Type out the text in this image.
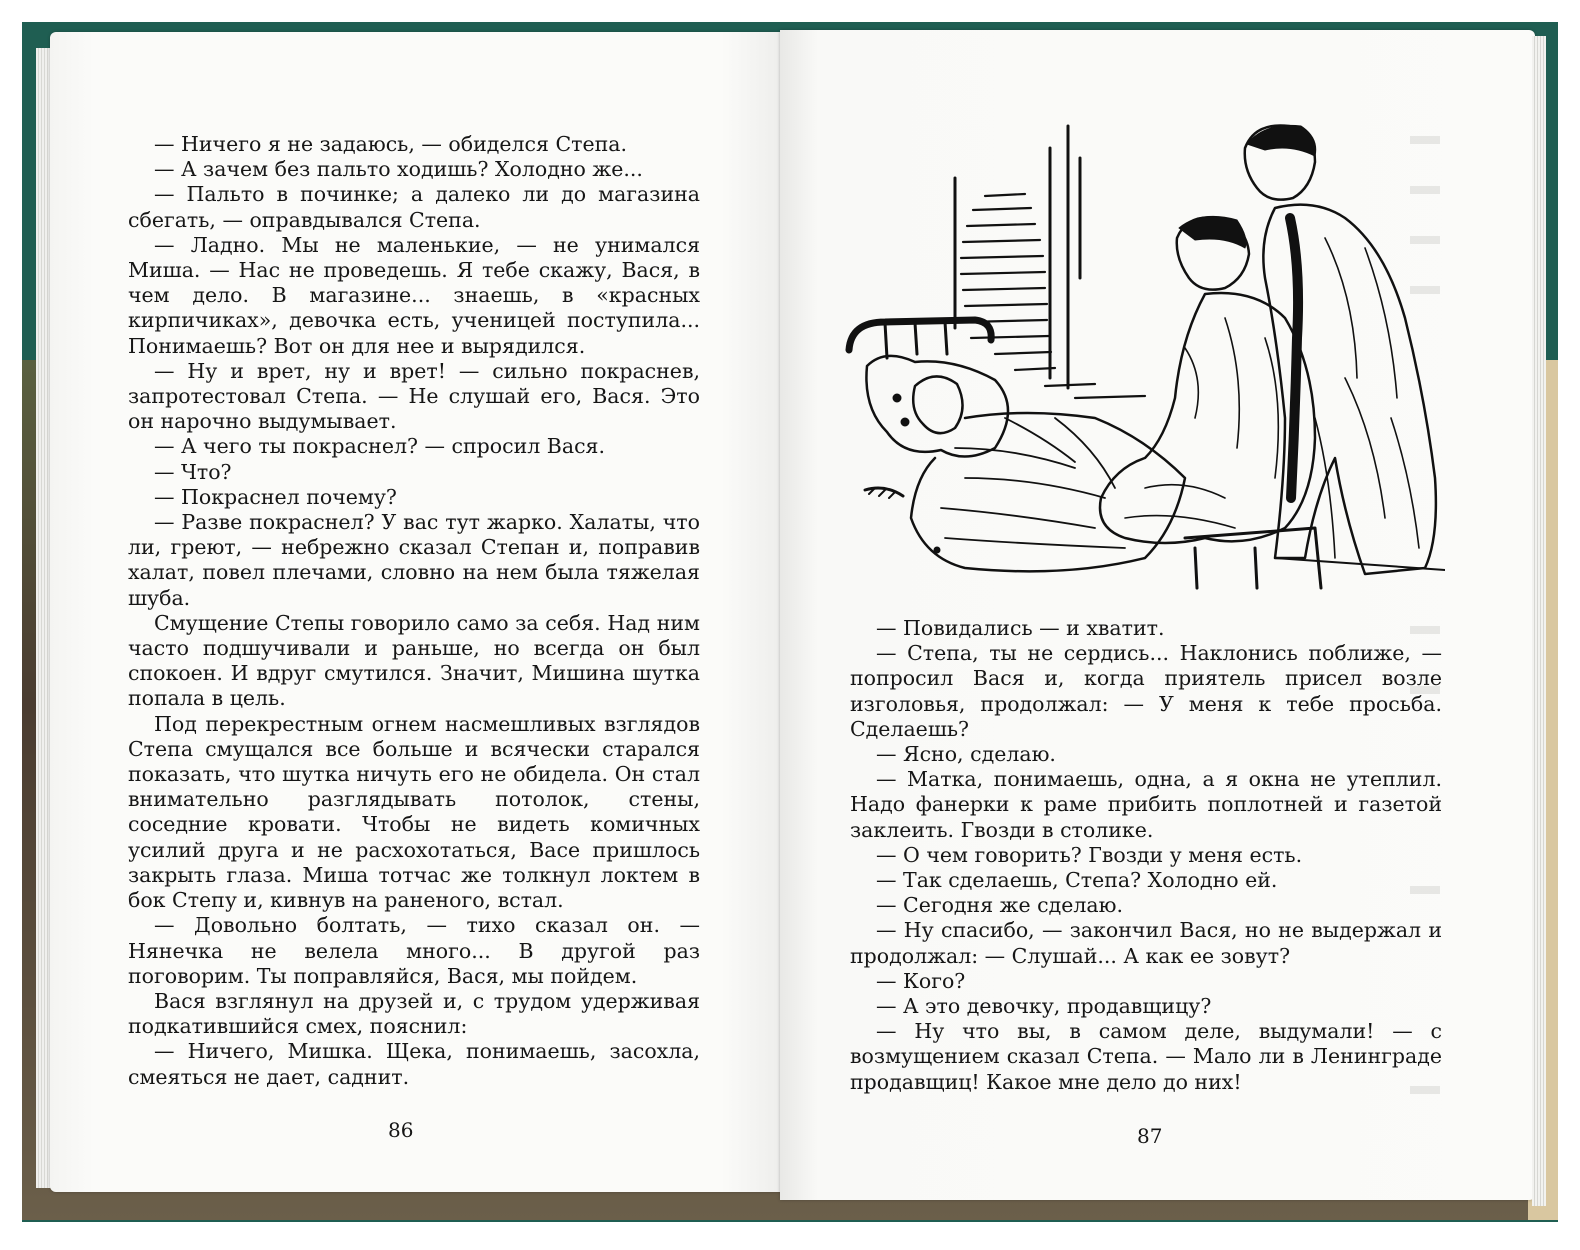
— Ничего я не задаюсь, — обиделся Степа.

— А зачем без пальто ходишь? Холодно же...

— Пальто в починке; а далеко ли до магазина сбегать, — оправдывался Степа.

— Ладно. Мы не маленькие, — не унимался Миша. — Нас не проведешь. Я тебе скажу, Вася, в чем дело. В магазине... знаешь, в «красных кирпичиках», девочка есть, ученицей поступила... Понимаешь? Вот он для нее и вырядился.

— Ну и врет, ну и врет! — сильно покраснев, запротестовал Степа. — Не слушай его, Вася. Это он нарочно выдумывает.

— А чего ты покраснел? — спросил Вася.

— Что?

— Покраснел почему?

— Разве покраснел? У вас тут жарко. Халаты, что ли, греют, — небрежно сказал Степан и, поправив халат, повел плечами, словно на нем была тяжелая шуба.

Смущение Степы говорило само за себя. Над ним часто подшучивали и раньше, но всегда он был спокоен. И вдруг смутился. Значит, Мишина шутка попала в цель.

Под перекрестным огнем насмешливых взглядов Степа смущался все больше и всячески старался показать, что шутка ничуть его не обидела. Он стал внимательно разглядывать потолок, стены, соседние кровати. Чтобы не видеть комичных усилий друга и не расхохотаться, Васе пришлось закрыть глаза. Миша тотчас же толкнул локтем в бок Степу и, кивнув на раненого, встал.

— Довольно болтать, — тихо сказал он. — Нянечка не велела много... В другой раз поговорим. Ты поправляйся, Вася, мы пойдем.

Вася взглянул на друзей и, с трудом удерживая подкатившийся смех, пояснил:

— Ничего, Мишка. Щека, понимаешь, засохла, смеяться не дает, саднит.

86

— Повидались — и хватит.

— Степа, ты не сердись... Наклонись поближе, — попросил Вася и, когда приятель присел возле изголовья, продолжал: — У меня к тебе просьба. Сделаешь?

— Ясно, сделаю.

— Матка, понимаешь, одна, а я окна не утеплил. Надо фанерки к раме прибить поплотней и газетой заклеить. Гвозди в столике.

— О чем говорить? Гвозди у меня есть.

— Так сделаешь, Степа? Холодно ей.

— Сегодня же сделаю.

— Ну спасибо, — закончил Вася, но не выдержал и продолжал: — Слушай... А как ее зовут?

— Кого?

— А это девочку, продавщицу?

— Ну что вы, в самом деле, выдумали! — с возмущением сказал Степа. — Мало ли в Ленинграде продавщиц! Какое мне дело до них!

87
